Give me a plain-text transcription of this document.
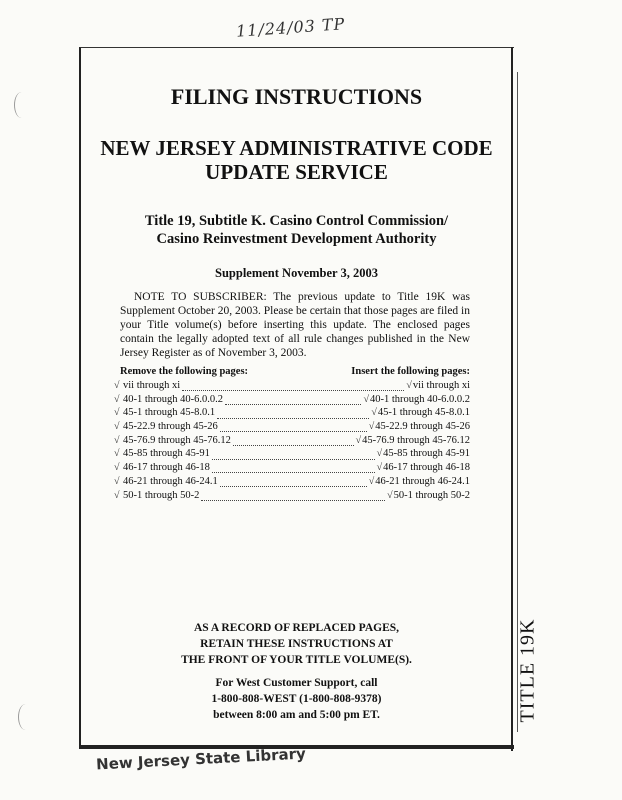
11/24/03 TP
TITLE 19K
FILING INSTRUCTIONS
NEW JERSEY ADMINISTRATIVE CODE
UPDATE SERVICE
Title 19, Subtitle K. Casino Control Commission/
Casino Reinvestment Development Authority
Supplement November 3, 2003

NOTE TO SUBSCRIBER: The previous update to Title 19K was Supplement October 20, 2003. Please be certain that those pages are filed in your Title volume(s) before inserting this update. The enclosed pages contain the legally adopted text of all rule changes published in the New Jersey Register as of November 3, 2003.

Remove the following pages:	Insert the following pages:
√ vii through xi	√ vii through xi
√ 40-1 through 40-6.0.0.2	√ 40-1 through 40-6.0.0.2
√ 45-1 through 45-8.0.1	√ 45-1 through 45-8.0.1
√ 45-22.9 through 45-26	√ 45-22.9 through 45-26
√ 45-76.9 through 45-76.12	√ 45-76.9 through 45-76.12
√ 45-85 through 45-91	√ 45-85 through 45-91
√ 46-17 through 46-18	√ 46-17 through 46-18
√ 46-21 through 46-24.1	√ 46-21 through 46-24.1
√ 50-1 through 50-2	√ 50-1 through 50-2
AS A RECORD OF REPLACED PAGES,
RETAIN THESE INSTRUCTIONS AT
THE FRONT OF YOUR TITLE VOLUME(S).
For West Customer Support, call
1-800-808-WEST (1-800-808-9378)
between 8:00 am and 5:00 pm ET.
New Jersey State Library
